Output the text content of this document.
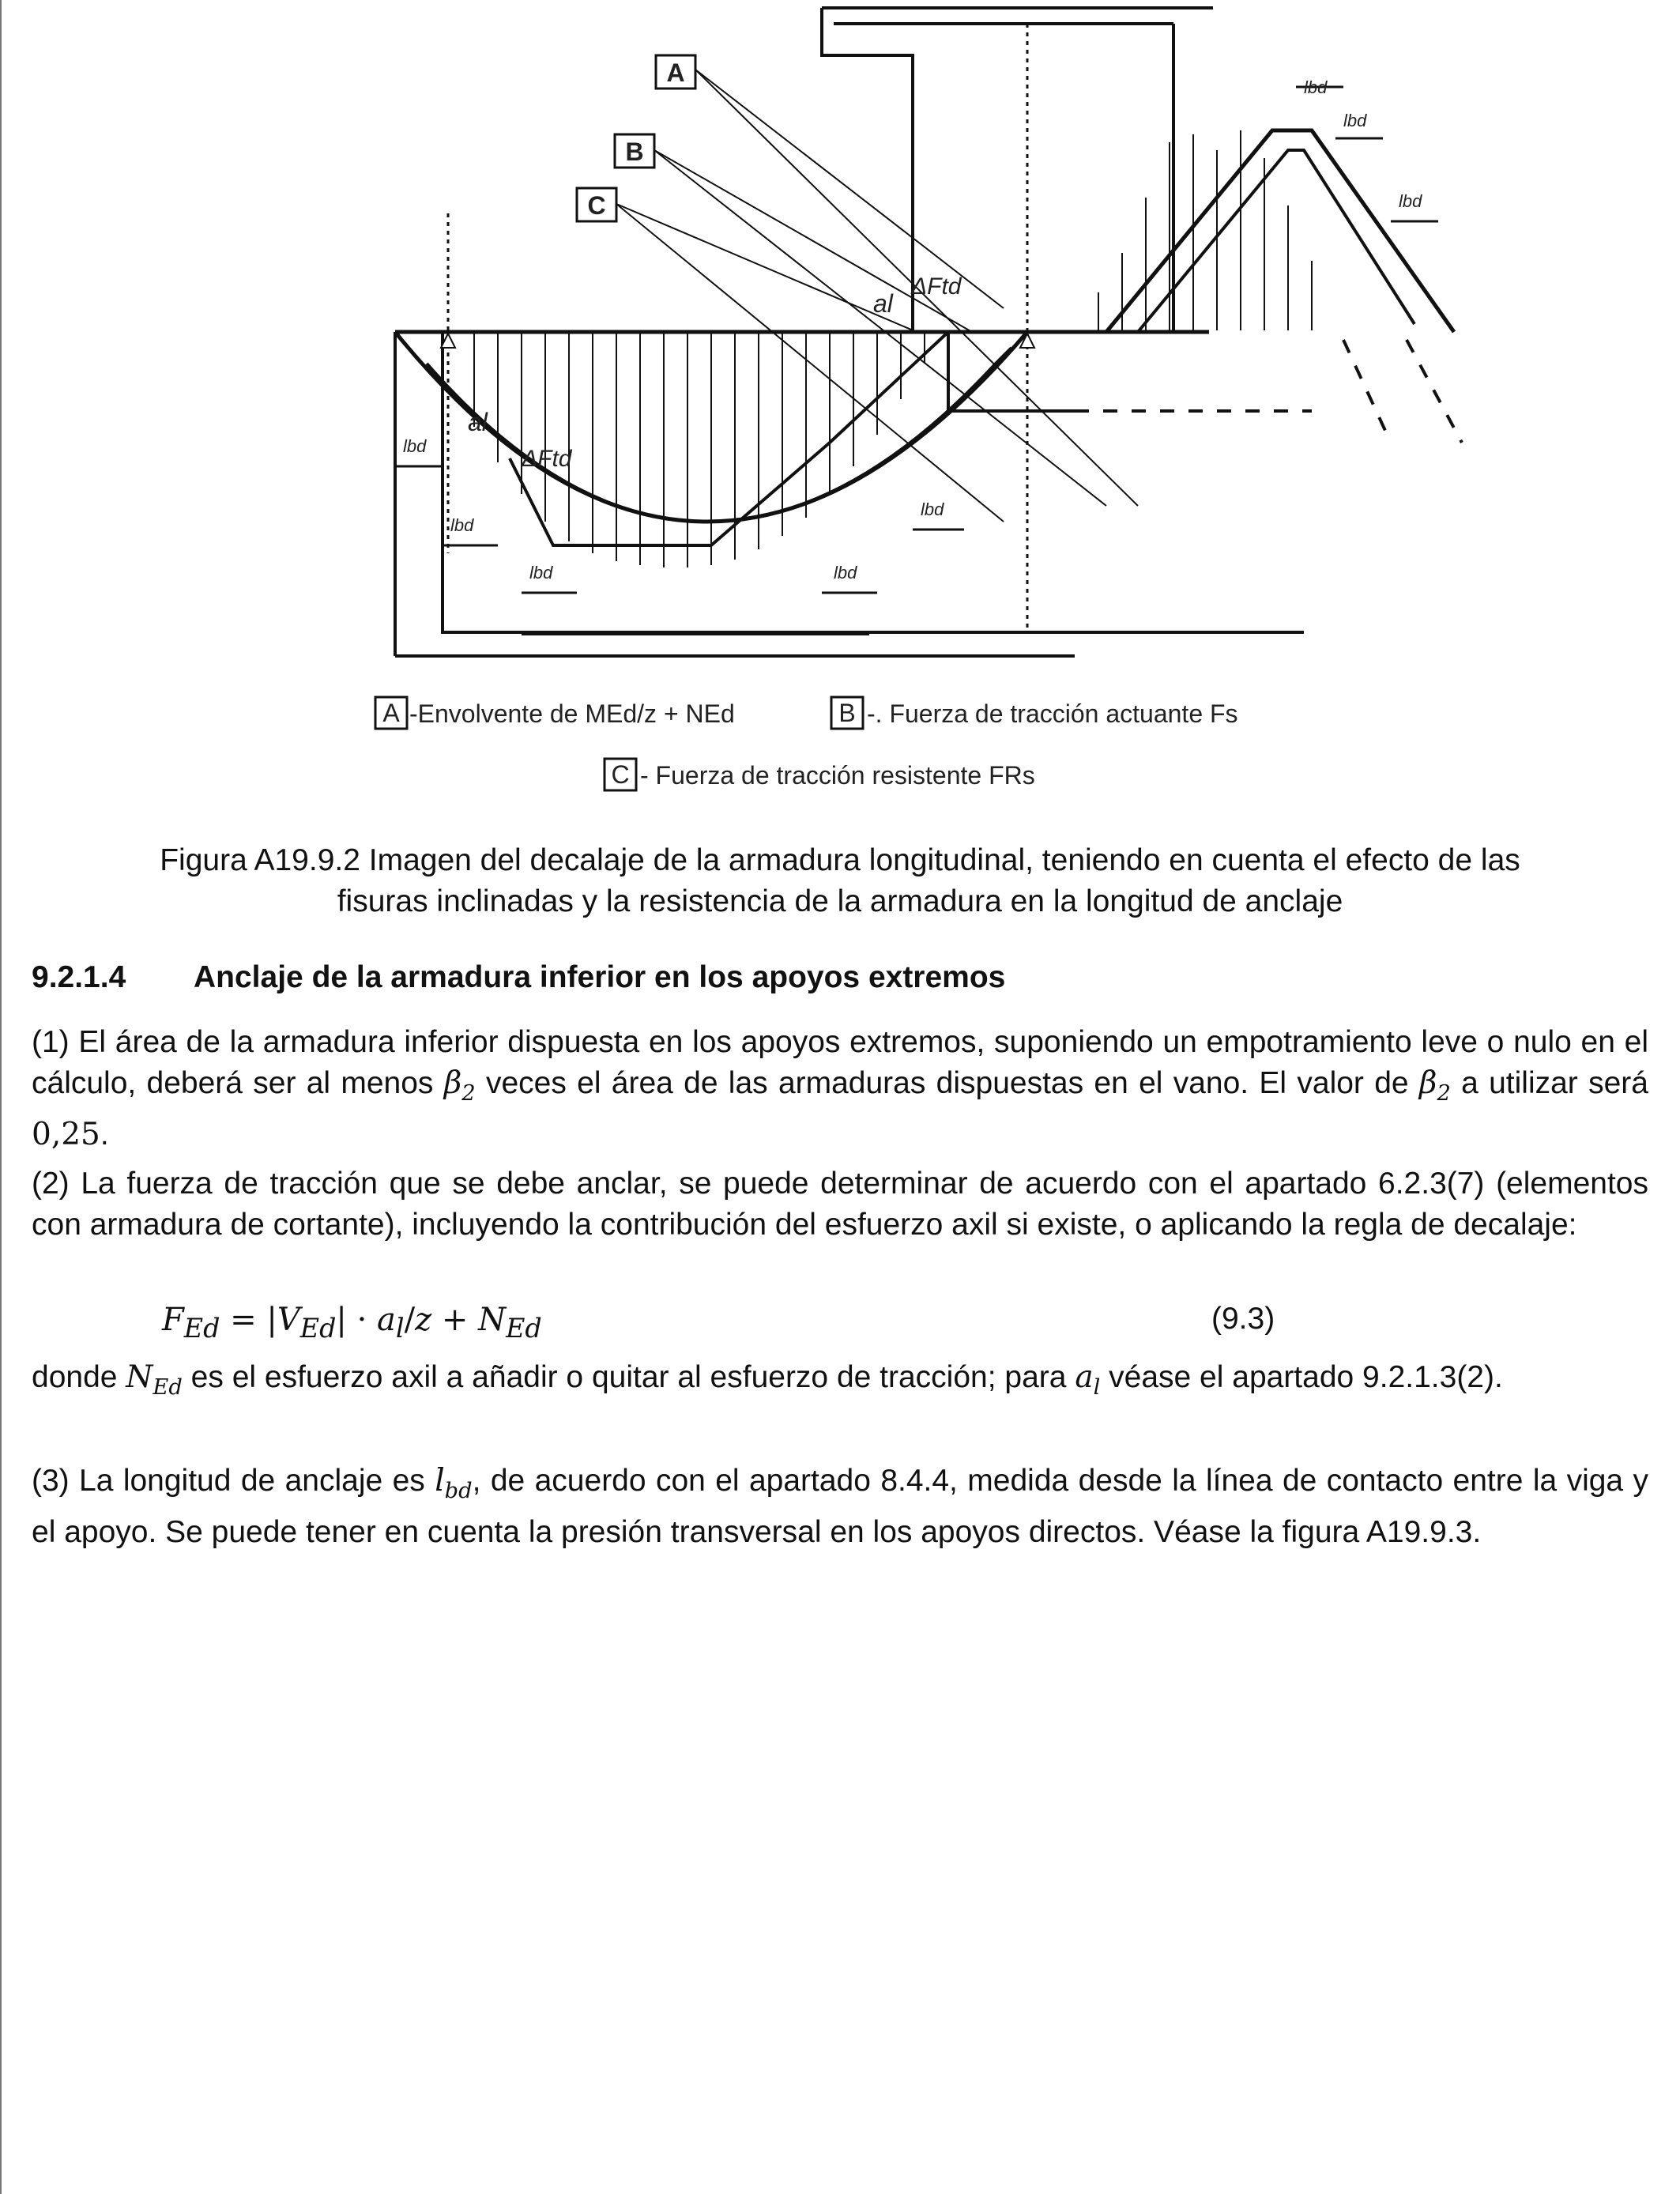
A
B
C
lbd
lbd
lbd	lbd
lbd
lbd
lbd
lbd
al
ΔFtd
al
ΔFtd
A -Envolvente de MEd/z + NEd	B -. Fuerza de tracción actuante Fs
C - Fuerza de tracción resistente FRs
Figura A19.9.2 Imagen del decalaje de la armadura longitudinal, teniendo en cuenta el efecto de las
fisuras inclinadas y la resistencia de la armadura en la longitud de anclaje
9.2.1.4 Anclaje de la armadura inferior en los apoyos extremos
(1) El área de la armadura inferior dispuesta en los apoyos extremos, suponiendo un empotramiento leve o nulo en el cálculo, deberá ser al menos $\beta_2$ veces el área de las armaduras dispuestas en el vano. El valor de $\beta_2$ a utilizar será 0,25.
(2) La fuerza de tracción que se debe anclar, se puede determinar de acuerdo con el apartado 6.2.3(7) (elementos con armadura de cortante), incluyendo la contribución del esfuerzo axil si existe, o aplicando la regla de decalaje:
$F_{Ed} = |V_{Ed}| \cdot a_l/z + N_{Ed}$	(9.3)
donde $N_{Ed}$ es el esfuerzo axil a añadir o quitar al esfuerzo de tracción; para $a_l$ véase el apartado 9.2.1.3(2).
(3) La longitud de anclaje es $l_{bd}$, de acuerdo con el apartado 8.4.4, medida desde la línea de contacto entre la viga y el apoyo. Se puede tener en cuenta la presión transversal en los apoyos directos. Véase la figura A19.9.3.
